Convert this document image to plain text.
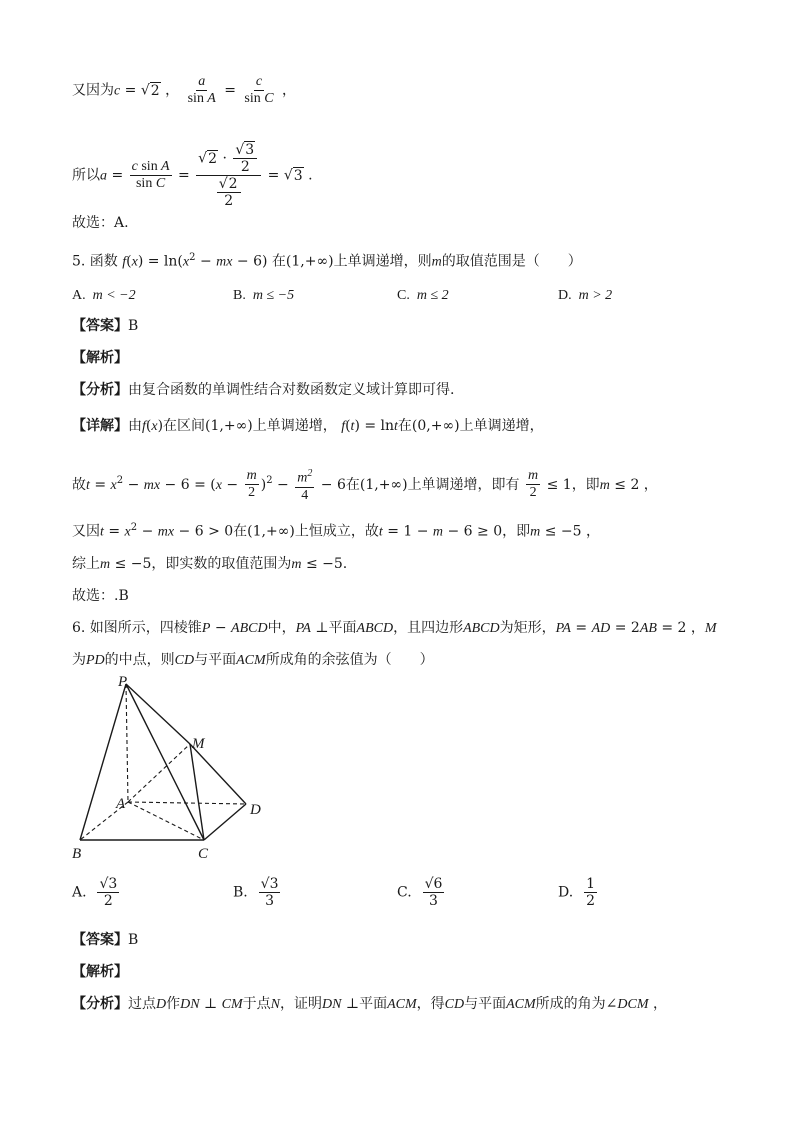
又因为c = √2 ， $\frac{a}{\text{sin A}} = \frac{c}{\text{sin C}}$ ，
所以$a = \frac{\text{c sin A}}{\text{sin C}} = \frac{√2 \cdot \frac{√3}{2}}{\frac{√2}{2}} = √3$ .
故选：A.
5. 函数 $f(x) = \ln(x^2$ − mx − 6) 在(1,+∞)上单调递增，则m的取值范围是（　　）
A. m < −2	B. m ≤ −5	C. m ≤ 2	D. m > 2
【答案】B
【解析】
【分析】由复合函数的单调性结合对数函数定义域计算即可得.
【详解】由f(x)在区间(1,+∞)上单调递增， f(t) = lnt在(0,+∞)上单调递增，
故$t = x^2$ − mx − $6 = (x - \frac{m}{2} )^2 - \frac{m^2}{4} - 6$在(1,+∞)上单调递增，即有 $\frac{m}{2} \le 1$，即m ≤ 2 ，
又因$t = x^2$ − mx − 6 > 0在(1,+∞)上恒成立，故t = 1 − m − 6 ≥ 0，即m ≤ −5 ，
综上m ≤ −5，即实数的取值范围为m ≤ −5.
故选：.B
6. 如图所示，四棱锥P − ABCD中，PA ⊥平面ABCD，且四边形ABCD为矩形，PA = AD = 2AB = 2 ，M
为PD的中点，则CD与平面ACM所成角的余弦值为（　　）
P
M
A	D
B	C
A. $\frac{√3}{2}$	B. $\frac{√3}{3}$	C. $\frac{√6}{3}$	D. $\frac{1}{2}$
【答案】B
【解析】
【分析】过点D作DN ⊥ CM于点N，证明DN ⊥平面ACM，得CD与平面ACM所成的角为∠DCM ，
